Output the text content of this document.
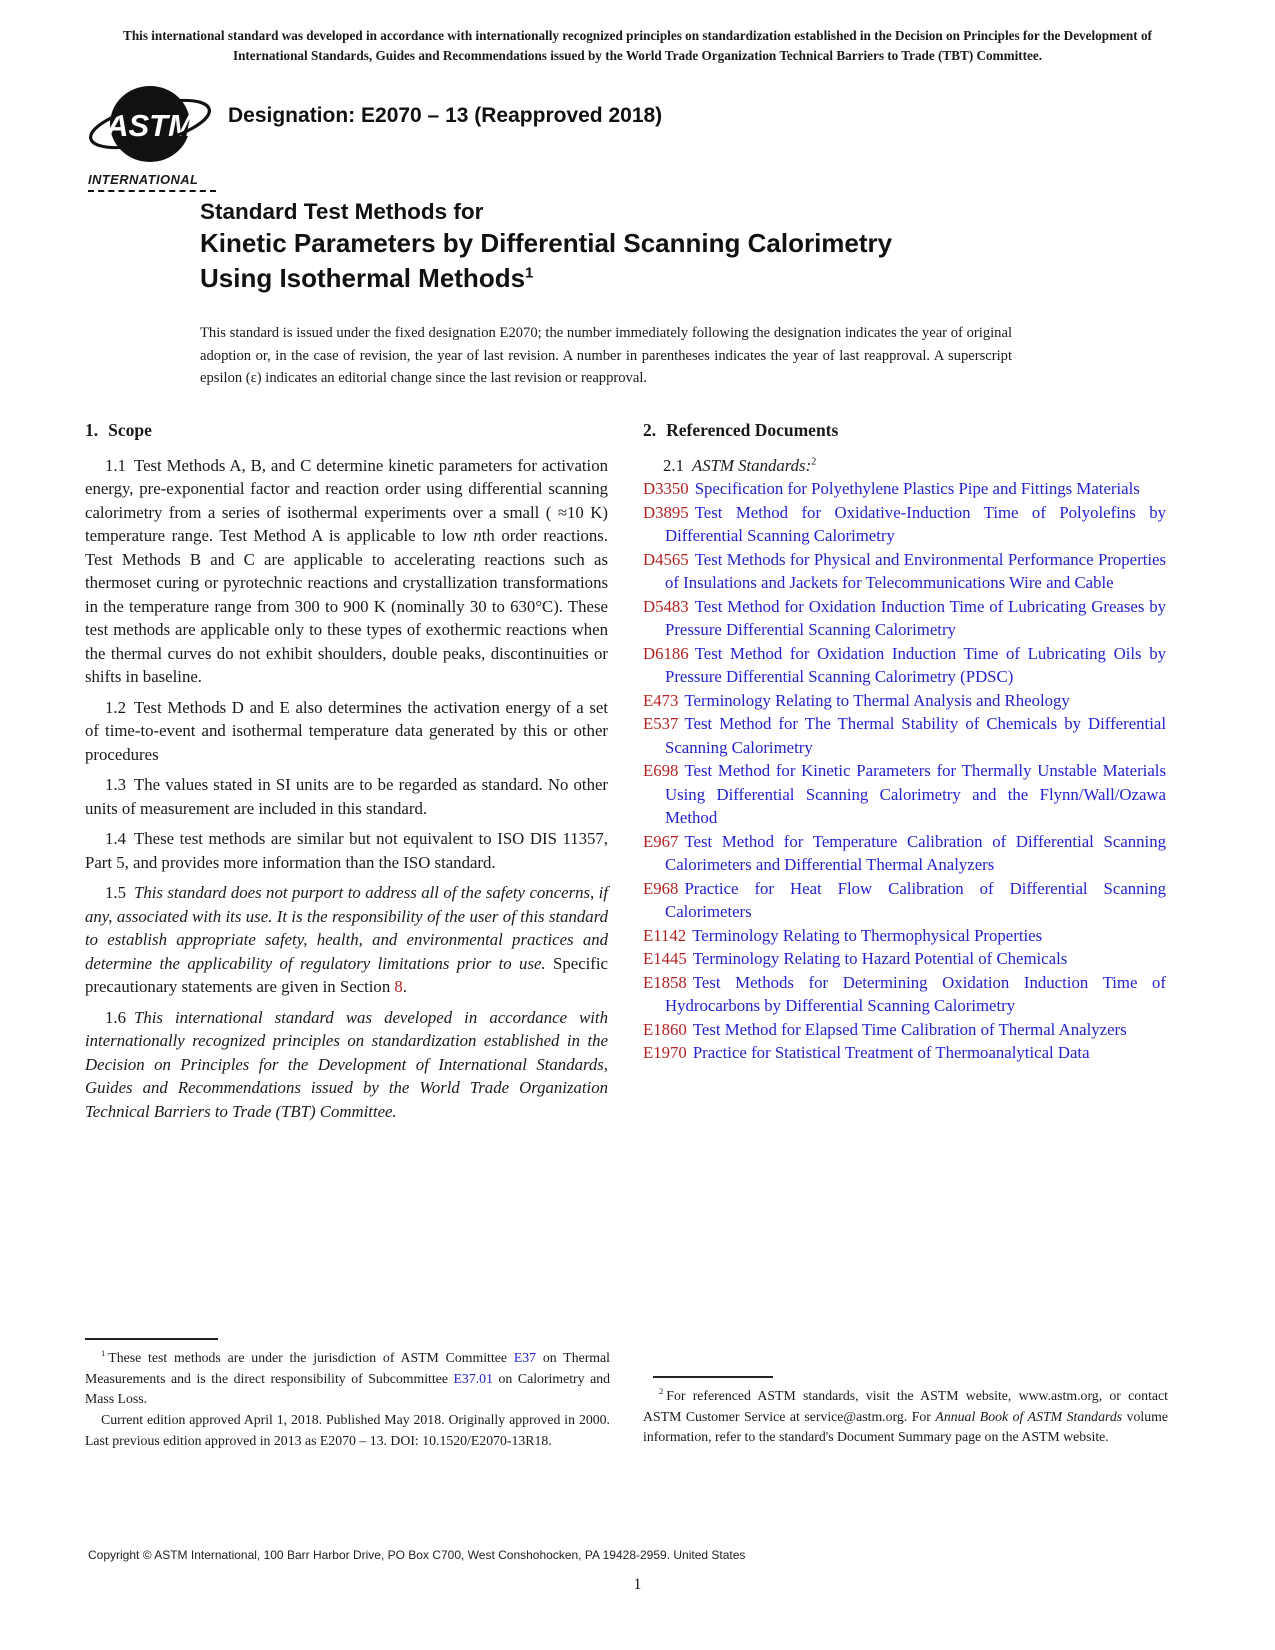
This international standard was developed in accordance with internationally recognized principles on standardization established in the Decision on Principles for the Development of International Standards, Guides and Recommendations issued by the World Trade Organization Technical Barriers to Trade (TBT) Committee.
ASTM
INTERNATIONAL
Designation: E2070 – 13 (Reapproved 2018)
Standard Test Methods for
Kinetic Parameters by Differential Scanning Calorimetry
Using Isothermal Methods$^1$
This standard is issued under the fixed designation E2070; the number immediately following the designation indicates the year of original adoption or, in the case of revision, the year of last revision. A number in parentheses indicates the year of last reapproval. A superscript epsilon (ε) indicates an editorial change since the last revision or reapproval.
1. Scope

1.1 Test Methods A, B, and C determine kinetic parameters for activation energy, pre-exponential factor and reaction order using differential scanning calorimetry from a series of isothermal experiments over a small ( ≈10 K) temperature range. Test Method A is applicable to low nth order reactions. Test Methods B and C are applicable to accelerating reactions such as thermoset curing or pyrotechnic reactions and crystallization transformations in the temperature range from 300 to 900 K (nominally 30 to 630°C). These test methods are applicable only to these types of exothermic reactions when the thermal curves do not exhibit shoulders, double peaks, discontinuities or shifts in baseline.

1.2 Test Methods D and E also determines the activation energy of a set of time-to-event and isothermal temperature data generated by this or other procedures

1.3 The values stated in SI units are to be regarded as standard. No other units of measurement are included in this standard.

1.4 These test methods are similar but not equivalent to ISO DIS 11357, Part 5, and provides more information than the ISO standard.

1.5 This standard does not purport to address all of the safety concerns, if any, associated with its use. It is the responsibility of the user of this standard to establish appropriate safety, health, and environmental practices and determine the applicability of regulatory limitations prior to use. Specific precautionary statements are given in Section 8.

1.6 This international standard was developed in accordance with internationally recognized principles on standardization established in the Decision on Principles for the Development of International Standards, Guides and Recommendations issued by the World Trade Organization Technical Barriers to Trade (TBT) Committee.

2. Referenced Documents

2.1 ASTM Standards:$^2$

D3350 Specification for Polyethylene Plastics Pipe and Fittings Materials
D3895 Test Method for Oxidative-Induction Time of Polyolefins by Differential Scanning Calorimetry
D4565 Test Methods for Physical and Environmental Performance Properties of Insulations and Jackets for Telecommunications Wire and Cable
D5483 Test Method for Oxidation Induction Time of Lubricating Greases by Pressure Differential Scanning Calorimetry
D6186 Test Method for Oxidation Induction Time of Lubricating Oils by Pressure Differential Scanning Calorimetry (PDSC)
E473 Terminology Relating to Thermal Analysis and Rheology
E537 Test Method for The Thermal Stability of Chemicals by Differential Scanning Calorimetry
E698 Test Method for Kinetic Parameters for Thermally Unstable Materials Using Differential Scanning Calorimetry and the Flynn/Wall/Ozawa Method
E967 Test Method for Temperature Calibration of Differential Scanning Calorimeters and Differential Thermal Analyzers
E968 Practice for Heat Flow Calibration of Differential Scanning Calorimeters
E1142 Terminology Relating to Thermophysical Properties
E1445 Terminology Relating to Hazard Potential of Chemicals
E1858 Test Methods for Determining Oxidation Induction Time of Hydrocarbons by Differential Scanning Calorimetry
E1860 Test Method for Elapsed Time Calibration of Thermal Analyzers
E1970 Practice for Statistical Treatment of Thermoanalytical Data

$^1$ These test methods are under the jurisdiction of ASTM Committee E37 on Thermal Measurements and is the direct responsibility of Subcommittee E37.01 on Calorimetry and Mass Loss.

Current edition approved April 1, 2018. Published May 2018. Originally approved in 2000. Last previous edition approved in 2013 as E2070 – 13. DOI: 10.1520/E2070-13R18.

$^2$ For referenced ASTM standards, visit the ASTM website, www.astm.org, or contact ASTM Customer Service at service@astm.org. For Annual Book of ASTM Standards volume information, refer to the standard's Document Summary page on the ASTM website.

Copyright © ASTM International, 100 Barr Harbor Drive, PO Box C700, West Conshohocken, PA 19428-2959. United States
1
